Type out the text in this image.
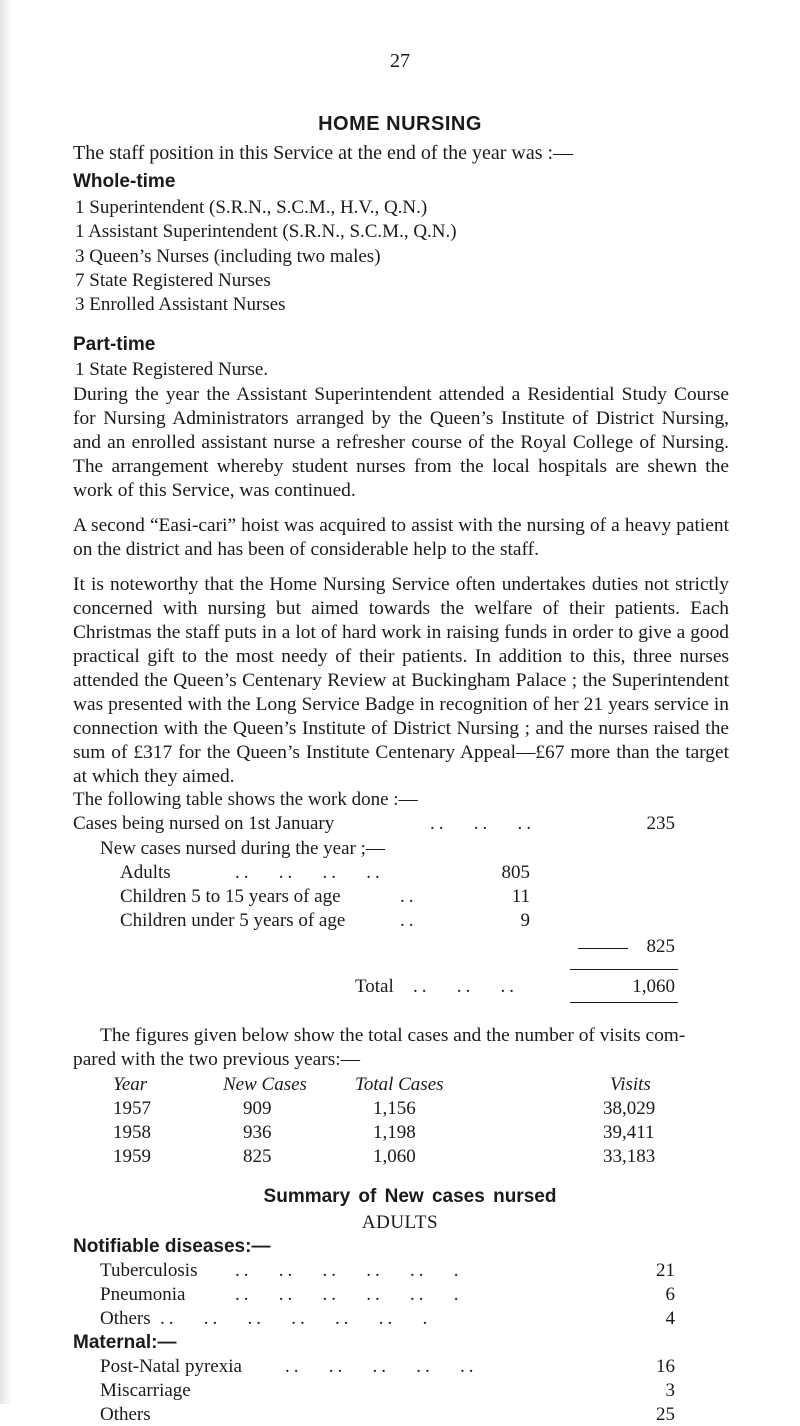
27
HOME NURSING
The staff position in this Service at the end of the year was :—
Whole-time
1 Superintendent (S.R.N., S.C.M., H.V., Q.N.)
1 Assistant Superintendent (S.R.N., S.C.M., Q.N.)
3 Queen’s Nurses (including two males)
7 State Registered Nurses
3 Enrolled Assistant Nurses
Part-time
1 State Registered Nurse.

During the year the Assistant Superintendent attended a Residential Study Course for Nursing Administrators arranged by the Queen’s Institute of District Nursing, and an enrolled assistant nurse a refresher course of the Royal College of Nursing. The arrangement whereby student nurses from the local hospitals are shewn the work of this Service, was continued.

A second “Easi-cari” hoist was acquired to assist with the nursing of a heavy patient on the district and has been of considerable help to the staff.

It is noteworthy that the Home Nursing Service often undertakes duties not strictly concerned with nursing but aimed towards the welfare of their patients. Each Christmas the staff puts in a lot of hard work in raising funds in order to give a good practical gift to the most needy of their patients. In addition to this, three nurses attended the Queen’s Centenary Review at Buckingham Palace ; the Superintendent was presented with the Long Service Badge in recognition of her 21 years service in connection with the Queen’s Institute of District Nursing ; and the nurses raised the sum of £317 for the Queen’s Institute Centenary Appeal—£67 more than the target at which they aimed.

The following table shows the work done :—
Cases being nursed on 1st January	..   ..   ..	235
New cases nursed during the year ;—
Adults	..   ..   ..   ..	805
Children 5 to 15 years of age	..	11
Children under 5 years of age	..	9
825
Total ..   ..   ..	1,060
The figures given below show the total cases and the number of visits com-
pared with the two previous years:—
Year	New Cases	Total Cases	Visits
1957	909	1,156	38,029
1958	936	1,198	39,411
1959	825	1,060	33,183
Summary of New cases nursed
ADULTS
Notifiable diseases:—
Tuberculosis ..   ..   ..   ..   ..   .	21
Pneumonia	..   ..   ..   ..   ..   .	6
Others ..   ..   ..   ..   ..   ..   .	4
Maternal:—
Post-Natal pyrexia ..   ..   ..   ..   ..	16
Miscarriage	3
Others	25
